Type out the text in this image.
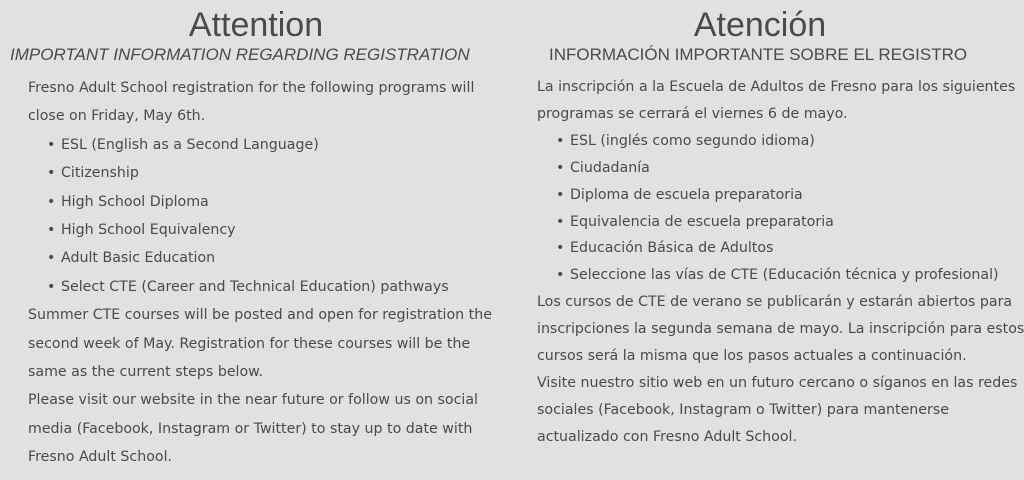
Attention
IMPORTANT INFORMATION REGARDING REGISTRATION

Fresno Adult School registration for the following programs will close on Friday, May 6th.

• ESL (English as a Second Language)
• Citizenship
• High School Diploma
• High School Equivalency
• Adult Basic Education
• Select CTE (Career and Technical Education) pathways

Summer CTE courses will be posted and open for registration the second week of May. Registration for these courses will be the same as the current steps below.

Please visit our website in the near future or follow us on social media (Facebook, Instagram or Twitter) to stay up to date with Fresno Adult School.

Atención
INFORMACIÓN IMPORTANTE SOBRE EL REGISTRO

La inscripción a la Escuela de Adultos de Fresno para los siguientes programas se cerrará el viernes 6 de mayo.

• ESL (inglés como segundo idioma)
• Ciudadanía
• Diploma de escuela preparatoria
• Equivalencia de escuela preparatoria
• Educación Básica de Adultos
• Seleccione las vías de CTE (Educación técnica y profesional)

Los cursos de CTE de verano se publicarán y estarán abiertos para inscripciones la segunda semana de mayo. La inscripción para estos cursos será la misma que los pasos actuales a continuación.

Visite nuestro sitio web en un futuro cercano o síganos en las redes sociales (Facebook, Instagram o Twitter) para mantenerse actualizado con Fresno Adult School.
